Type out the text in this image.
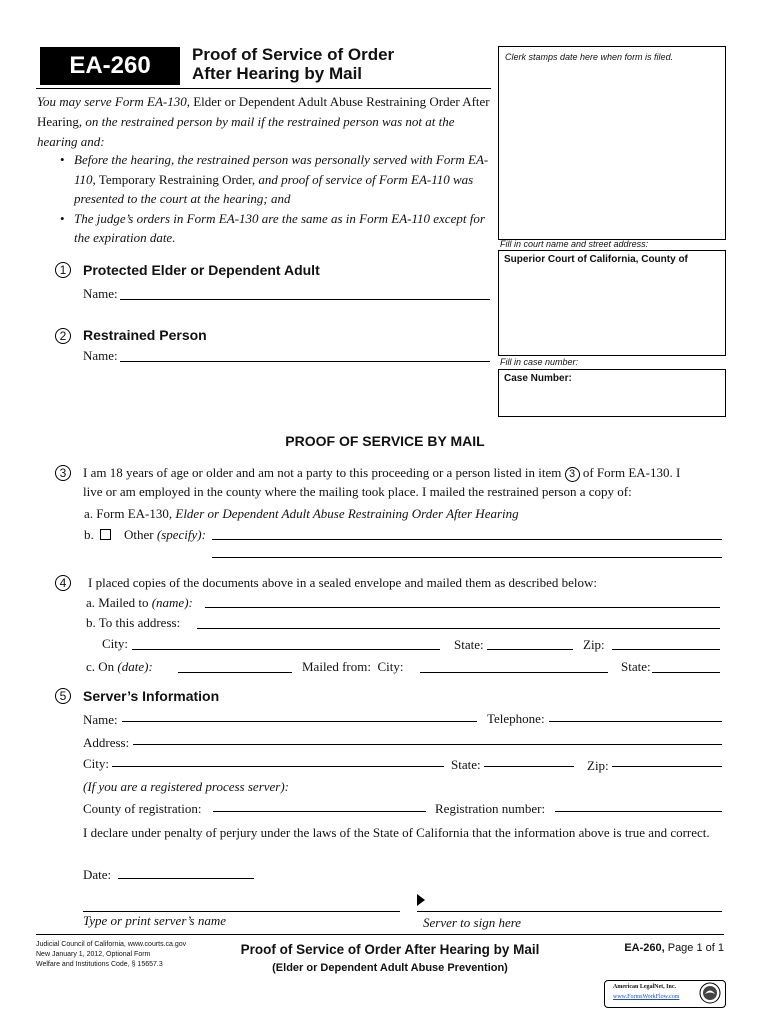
EA-260	Proof of Service of Order
After Hearing by Mail
Clerk stamps date here when form is filed.
Fill in court name and street address:
Superior Court of California, County of
Fill in case number:
Case Number:
You may serve Form EA-130, Elder or Dependent Adult Abuse Restraining Order After Hearing, on the restrained person by mail if the restrained person was not at the hearing and:
• Before the hearing, the restrained person was personally served with Form EA-110, Temporary Restraining Order, and proof of service of Form EA-110 was presented to the court at the hearing; and
• The judge’s orders in Form EA-130 are the same as in Form EA-110 except for the expiration date.
1	Protected Elder or Dependent Adult
Name:
2	Restrained Person
Name:
PROOF OF SERVICE BY MAIL
3	I am 18 years of age or older and am not a party to this proceeding or a person listed in item 3 of Form EA-130. I
live or am employed in the county where the mailing took place. I mailed the restrained person a copy of:
a. Form EA-130, Elder or Dependent Adult Abuse Restraining Order After Hearing
b. Other (specify):
4	I placed copies of the documents above in a sealed envelope and mailed them as described below:
a. Mailed to (name):
b. To this address:
City:	State:	Zip:
c. On (date):	Mailed from: City:	State:
5	Server’s Information
Name:	Telephone:
Address:
City:	State:	Zip:
(If you are a registered process server):
County of registration:	Registration number:
I declare under penalty of perjury under the laws of the State of California that the information above is true and correct.
Date:
Type or print server’s name	Server to sign here
Judicial Council of California, www.courts.ca.gov
New January 1, 2012, Optional Form
Welfare and Institutions Code, § 15657.3
Proof of Service of Order After Hearing by Mail
(Elder or Dependent Adult Abuse Prevention)
EA-260, Page 1 of 1
American LegalNet, Inc.
www.FormsWorkFlow.com
